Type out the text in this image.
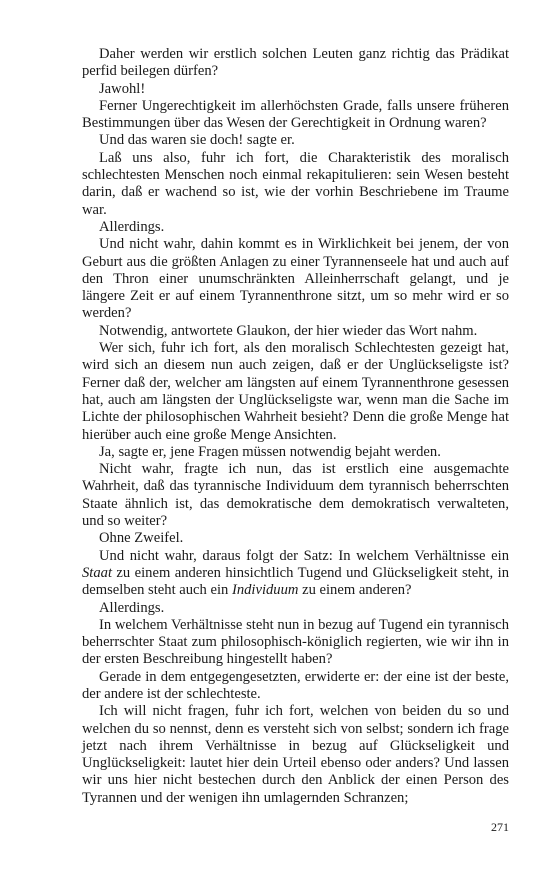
Daher werden wir erstlich solchen Leuten ganz richtig das Prädikat perfid beilegen dürfen?

Jawohl!

Ferner Ungerechtigkeit im allerhöchsten Grade, falls unsere früheren Bestimmungen über das Wesen der Gerechtigkeit in Ordnung waren?

Und das waren sie doch! sagte er.

Laß uns also, fuhr ich fort, die Charakteristik des moralisch schlechtesten Menschen noch einmal rekapitulieren: sein Wesen besteht darin, daß er wachend so ist, wie der vorhin Beschriebene im Traume war.

Allerdings.

Und nicht wahr, dahin kommt es in Wirklichkeit bei jenem, der von Geburt aus die größten Anlagen zu einer Tyrannenseele hat und auch auf den Thron einer unumschränkten Alleinherrschaft gelangt, und je längere Zeit er auf einem Tyrannenthrone sitzt, um so mehr wird er so werden?

Notwendig, antwortete Glaukon, der hier wieder das Wort nahm.

Wer sich, fuhr ich fort, als den moralisch Schlechtesten gezeigt hat, wird sich an diesem nun auch zeigen, daß er der Unglückseligste ist? Ferner daß der, welcher am längsten auf einem Tyrannenthrone gesessen hat, auch am längsten der Unglückseligste war, wenn man die Sache im Lichte der philosophischen Wahrheit besieht? Denn die große Menge hat hierüber auch eine große Menge Ansichten.

Ja, sagte er, jene Fragen müssen notwendig bejaht werden.

Nicht wahr, fragte ich nun, das ist erstlich eine ausgemachte Wahrheit, daß das tyrannische Individuum dem tyrannisch beherrschten Staate ähnlich ist, das demokratische dem demokratisch verwalteten, und so weiter?

Ohne Zweifel.

Und nicht wahr, daraus folgt der Satz: In welchem Verhältnisse ein Staat zu einem anderen hinsichtlich Tugend und Glückseligkeit steht, in demselben steht auch ein Individuum zu einem anderen?

Allerdings.

In welchem Verhältnisse steht nun in bezug auf Tugend ein tyrannisch beherrschter Staat zum philosophisch-königlich regierten, wie wir ihn in der ersten Beschreibung hingestellt haben?

Gerade in dem entgegengesetzten, erwiderte er: der eine ist der beste, der andere ist der schlechteste.

Ich will nicht fragen, fuhr ich fort, welchen von beiden du so und welchen du so nennst, denn es versteht sich von selbst; sondern ich frage jetzt nach ihrem Verhältnisse in bezug auf Glückseligkeit und Unglückseligkeit: lautet hier dein Urteil ebenso oder anders? Und lassen wir uns hier nicht bestechen durch den Anblick der einen Person des Tyrannen und der wenigen ihn umlagernden Schranzen;

271
